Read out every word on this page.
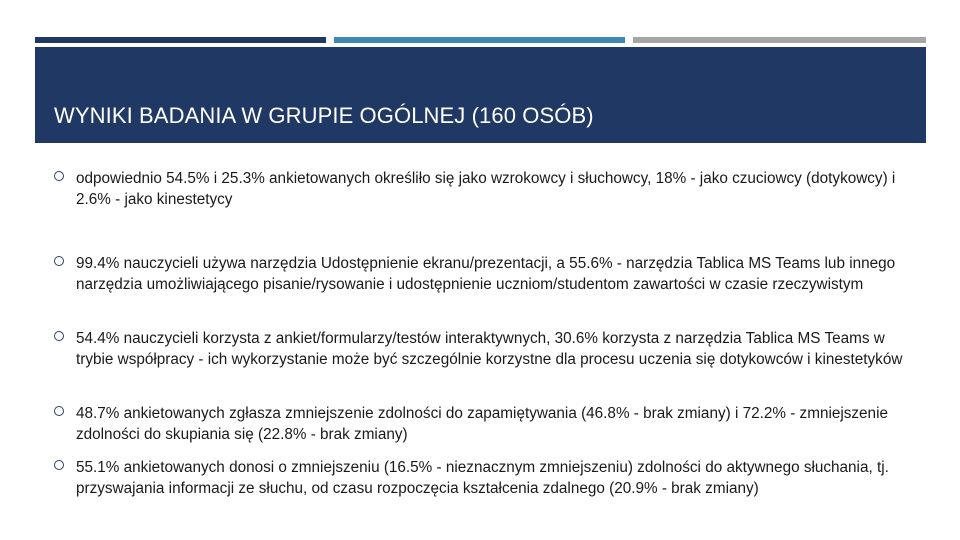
WYNIKI BADANIA W GRUPIE OGÓLNEJ (160 OSÓB)
odpowiednio 54.5% i 25.3% ankietowanych określiło się jako wzrokowcy i słuchowcy, 18% - jako czuciowcy (dotykowcy) i 2.6% - jako kinestetycy
99.4% nauczycieli używa narzędzia Udostępnienie ekranu/prezentacji, a 55.6% - narzędzia Tablica MS Teams lub innego narzędzia umożliwiającego pisanie/rysowanie i udostępnienie uczniom/studentom zawartości w czasie rzeczywistym
54.4% nauczycieli korzysta z ankiet/formularzy/testów interaktywnych, 30.6% korzysta z narzędzia Tablica MS Teams w trybie współpracy - ich wykorzystanie może być szczególnie korzystne dla procesu uczenia się dotykowców i kinestetyków
48.7% ankietowanych zgłasza zmniejszenie zdolności do zapamiętywania (46.8% - brak zmiany) i 72.2% - zmniejszenie zdolności do skupiania się (22.8% - brak zmiany)
55.1% ankietowanych donosi o zmniejszeniu (16.5% - nieznacznym zmniejszeniu) zdolności do aktywnego słuchania, tj. przyswajania informacji ze słuchu, od czasu rozpoczęcia kształcenia zdalnego (20.9% - brak zmiany)
